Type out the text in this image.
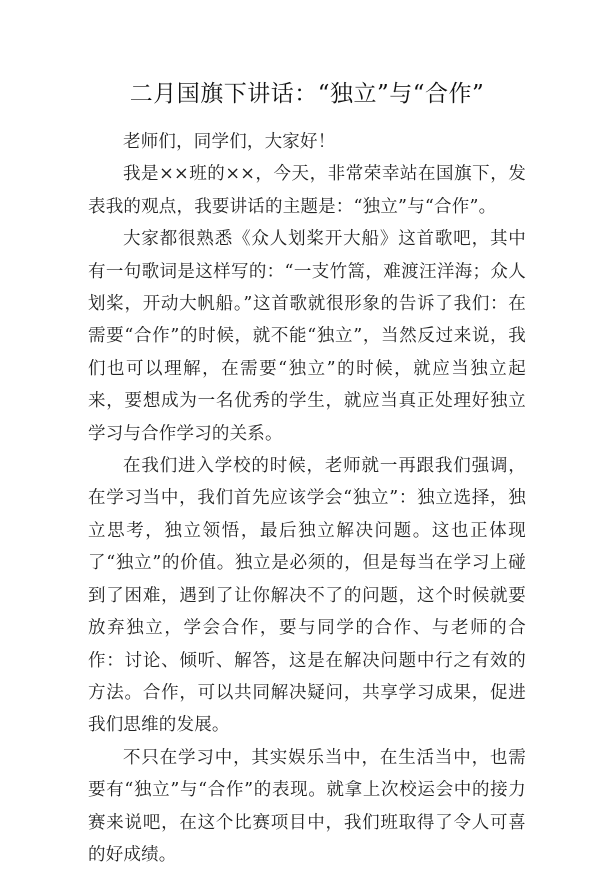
二月国旗下讲话：“独立”与“合作”

老师们，同学们，大家好！

我是××班的××，今天，非常荣幸站在国旗下，发表我的观点，我要讲话的主题是：“独立”与“合作”。

大家都很熟悉《众人划桨开大船》这首歌吧，其中有一句歌词是这样写的：“一支竹篙，难渡汪洋海；众人划桨，开动大帆船。”这首歌就很形象的告诉了我们：在需要“合作”的时候，就不能“独立”，当然反过来说，我们也可以理解，在需要“独立”的时候，就应当独立起来，要想成为一名优秀的学生，就应当真正处理好独立学习与合作学习的关系。

在我们进入学校的时候，老师就一再跟我们强调，在学习当中，我们首先应该学会“独立”：独立选择，独立思考，独立领悟，最后独立解决问题。这也正体现了“独立”的价值。独立是必须的，但是每当在学习上碰到了困难，遇到了让你解决不了的问题，这个时候就要放弃独立，学会合作，要与同学的合作、与老师的合作：讨论、倾听、解答，这是在解决问题中行之有效的方法。合作，可以共同解决疑问，共享学习成果，促进我们思维的发展。

不只在学习中，其实娱乐当中，在生活当中，也需要有“独立”与“合作”的表现。就拿上次校运会中的接力赛来说吧，在这个比赛项目中，我们班取得了令人可喜的好成绩。
